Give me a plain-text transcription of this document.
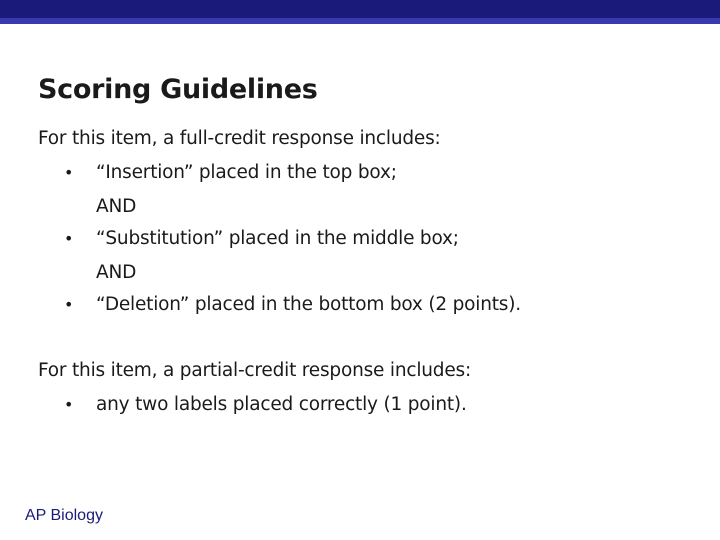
Scoring Guidelines
For this item, a full-credit response includes:
• “Insertion” placed in the top box;
AND
• “Substitution” placed in the middle box;
AND
• “Deletion” placed in the bottom box (2 points).
For this item, a partial-credit response includes:
• any two labels placed correctly (1 point).
AP Biology
